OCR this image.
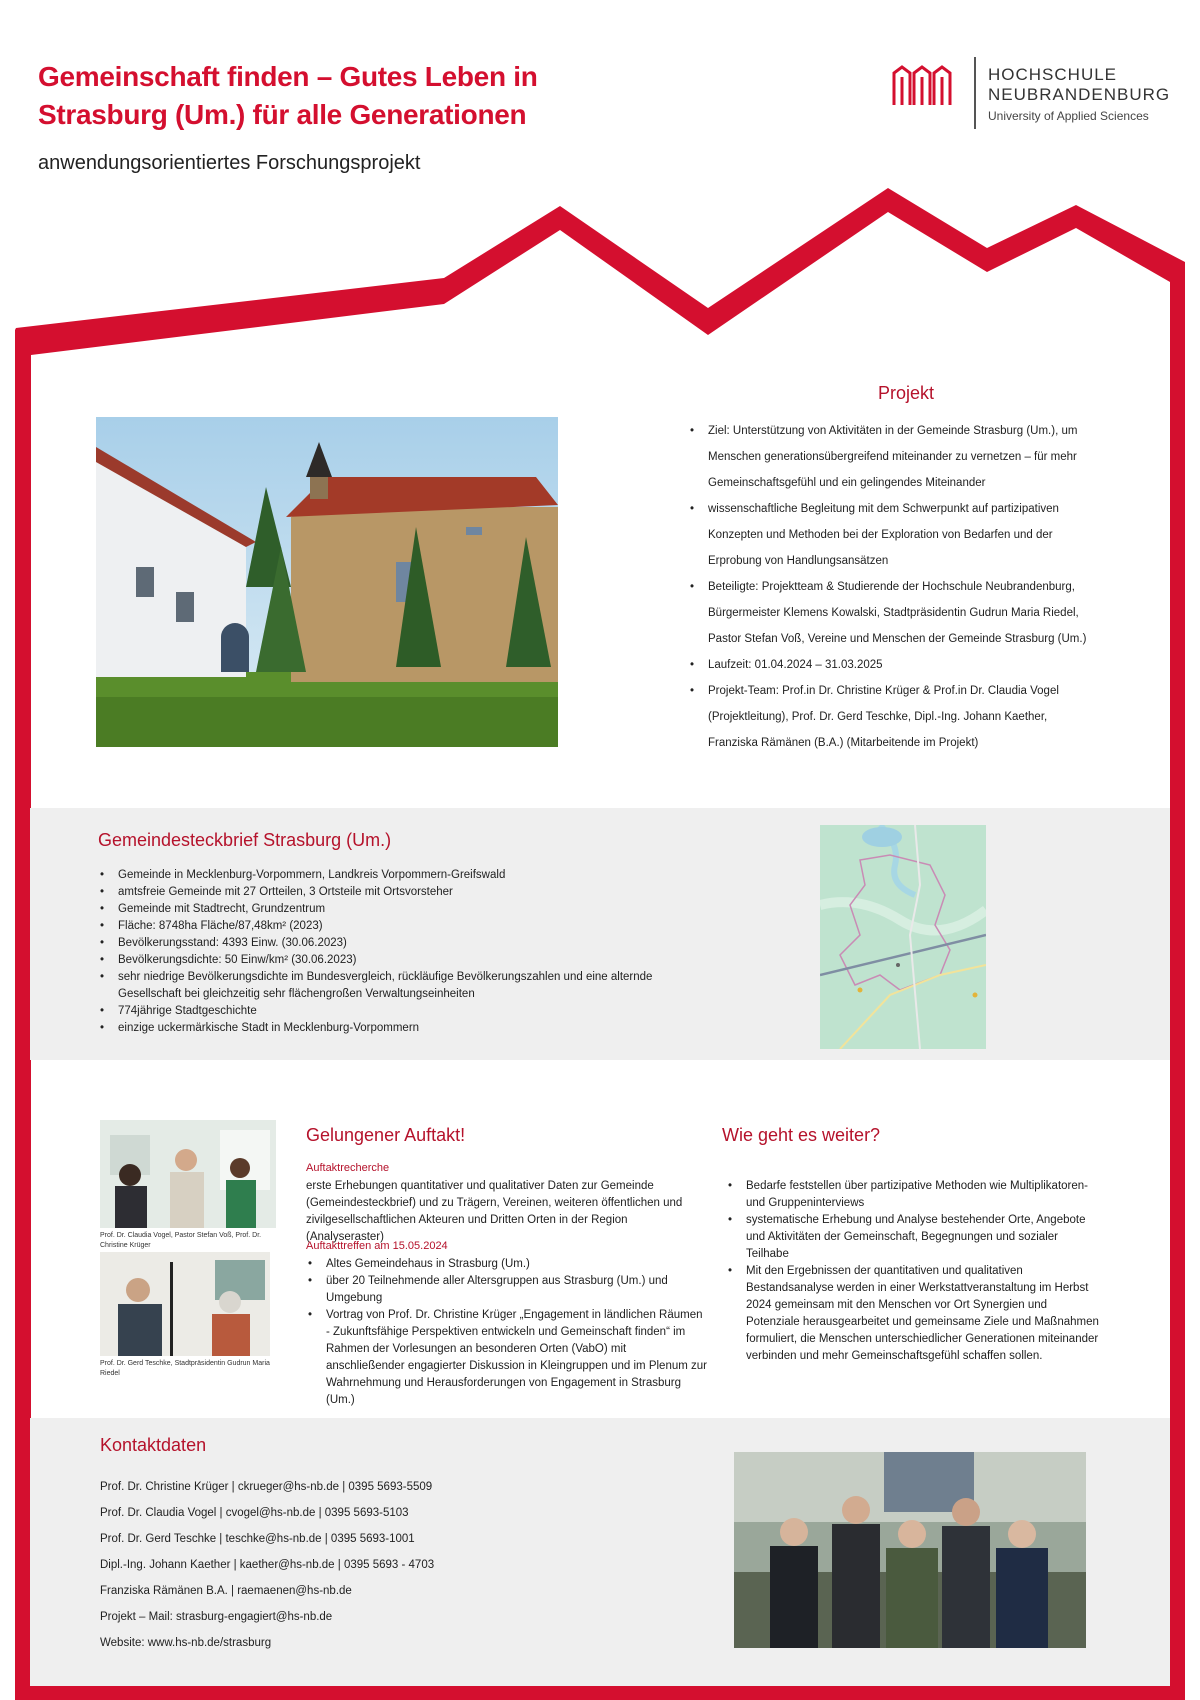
Gemeinschaft finden – Gutes Leben in
Strasburg (Um.) für alle Generationen
anwendungsorientiertes Forschungsprojekt
HOCHSCHULE
NEUBRANDENBURG
University of Applied Sciences
Projekt
• Ziel: Unterstützung von Aktivitäten in der Gemeinde Strasburg (Um.), um Menschen generationsübergreifend miteinander zu vernetzen – für mehr Gemeinschaftsgefühl und ein gelingendes Miteinander
• wissenschaftliche Begleitung mit dem Schwerpunkt auf partizipativen Konzepten und Methoden bei der Exploration von Bedarfen und der Erprobung von Handlungsansätzen
• Beteiligte: Projektteam & Studierende der Hochschule Neubrandenburg, Bürgermeister Klemens Kowalski, Stadtpräsidentin Gudrun Maria Riedel, Pastor Stefan Voß, Vereine und Menschen der Gemeinde Strasburg (Um.)
• Laufzeit: 01.04.2024 – 31.03.2025
• Projekt-Team: Prof.in Dr. Christine Krüger & Prof.in Dr. Claudia Vogel (Projektleitung), Prof. Dr. Gerd Teschke, Dipl.-Ing. Johann Kaether, Franziska Rämänen (B.A.) (Mitarbeitende im Projekt)
Gemeindesteckbrief Strasburg (Um.)
• Gemeinde in Mecklenburg-Vorpommern, Landkreis Vorpommern-Greifswald
• amtsfreie Gemeinde mit 27 Ortteilen, 3 Ortsteile mit Ortsvorsteher
• Gemeinde mit Stadtrecht, Grundzentrum
• Fläche: 8748ha Fläche/87,48km² (2023)
• Bevölkerungsstand: 4393 Einw. (30.06.2023)
• Bevölkerungsdichte: 50 Einw/km² (30.06.2023)
• sehr niedrige Bevölkerungsdichte im Bundesvergleich, rückläufige Bevölkerungszahlen und eine alternde Gesellschaft bei gleichzeitig sehr flächengroßen Verwaltungseinheiten
• 774jährige Stadtgeschichte
• einzige uckermärkische Stadt in Mecklenburg-Vorpommern
Prof. Dr. Claudia Vogel, Pastor Stefan Voß, Prof. Dr. Christine Krüger
Prof. Dr. Gerd Teschke, Stadtpräsidentin Gudrun Maria Riedel
Gelungener Auftakt!
Auftaktrecherche
erste Erhebungen quantitativer und qualitativer Daten zur Gemeinde (Gemeindesteckbrief) und zu Trägern, Vereinen, weiteren öffentlichen und zivilgesellschaftlichen Akteuren und Dritten Orten in der Region (Analyseraster)
Auftakttreffen am 15.05.2024
• Altes Gemeindehaus in Strasburg (Um.)
• über 20 Teilnehmende aller Altersgruppen aus Strasburg (Um.) und Umgebung
• Vortrag von Prof. Dr. Christine Krüger „Engagement in ländlichen Räumen - Zukunftsfähige Perspektiven entwickeln und Gemeinschaft finden“ im Rahmen der Vorlesungen an besonderen Orten (VabO) mit anschließender engagierter Diskussion in Kleingruppen und im Plenum zur Wahrnehmung und Herausforderungen von Engagement in Strasburg (Um.)
Wie geht es weiter?
• Bedarfe feststellen über partizipative Methoden wie Multiplikatoren- und Gruppeninterviews
• systematische Erhebung und Analyse bestehender Orte, Angebote und Aktivitäten der Gemeinschaft, Begegnungen und sozialer Teilhabe
• Mit den Ergebnissen der quantitativen und qualitativen Bestandsanalyse werden in einer Werkstattveranstaltung im Herbst 2024 gemeinsam mit den Menschen vor Ort Synergien und Potenziale herausgearbeitet und gemeinsame Ziele und Maßnahmen formuliert, die Menschen unterschiedlicher Generationen miteinander verbinden und mehr Gemeinschaftsgefühl schaffen sollen.
Kontaktdaten

Prof. Dr. Christine Krüger | ckrueger@hs-nb.de | 0395 5693-5509

Prof. Dr. Claudia Vogel | cvogel@hs-nb.de | 0395 5693-5103

Prof. Dr. Gerd Teschke | teschke@hs-nb.de | 0395 5693-1001

Dipl.-Ing. Johann Kaether | kaether@hs-nb.de | 0395 5693 - 4703

Franziska Rämänen B.A. | raemaenen@hs-nb.de

Projekt – Mail: strasburg-engagiert@hs-nb.de

Website: www.hs-nb.de/strasburg
